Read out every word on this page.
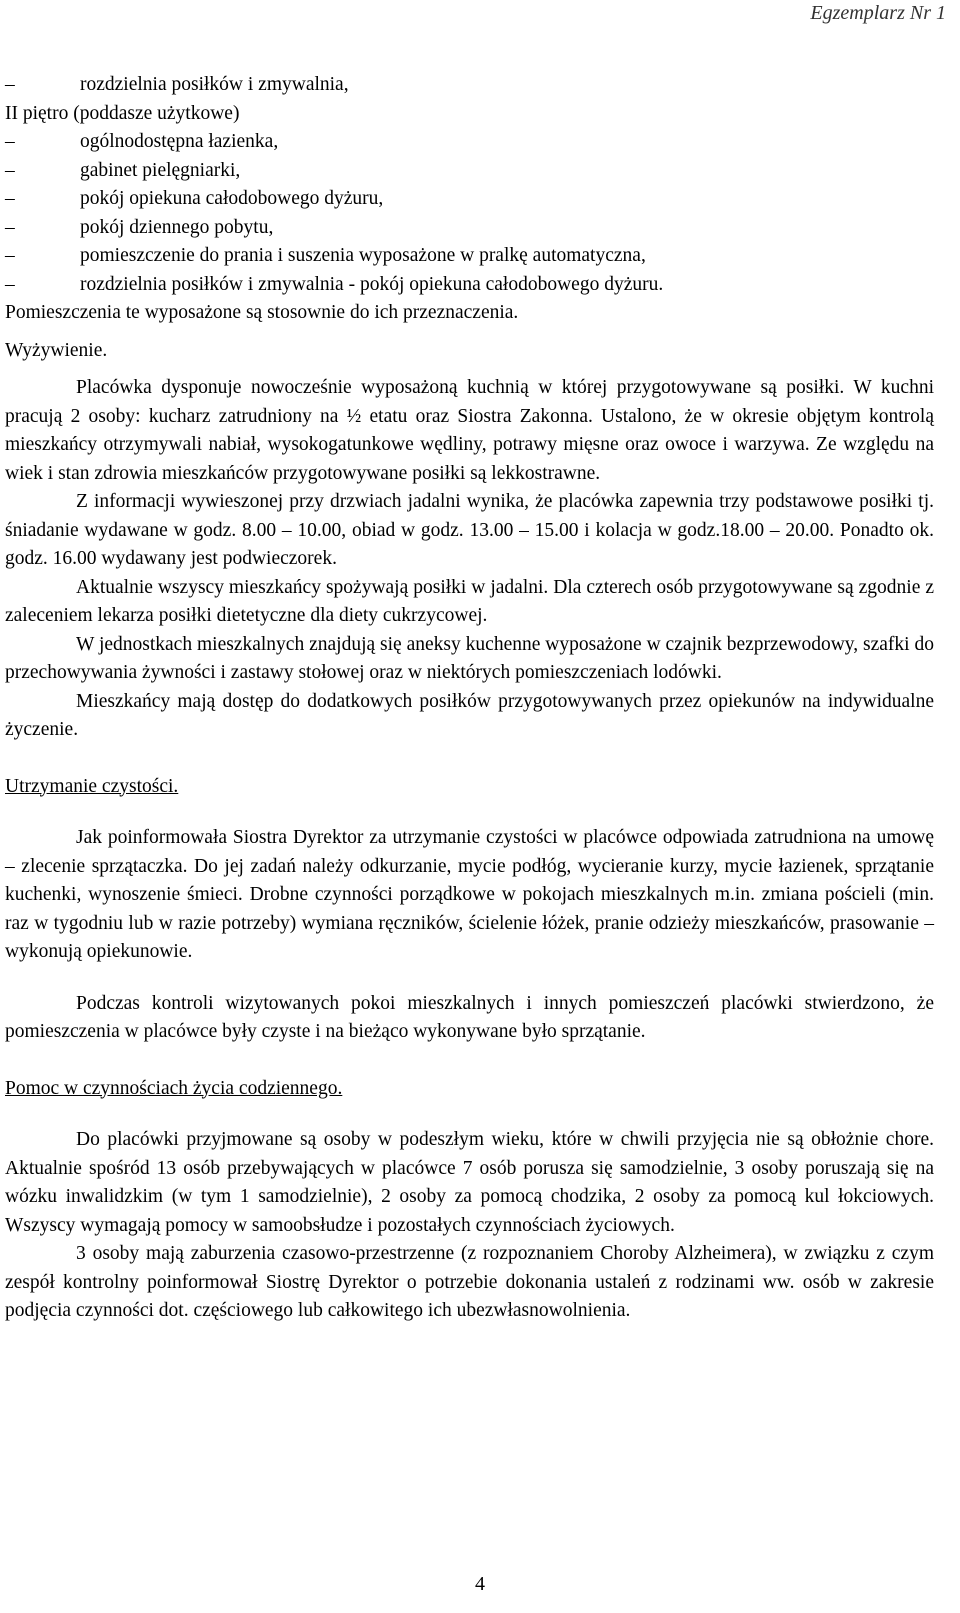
Egzemplarz Nr 1
–	rozdzielnia posiłków i zmywalnia,
II piętro (poddasze użytkowe)
–	ogólnodostępna łazienka,
–	gabinet pielęgniarki,
–	pokój opiekuna całodobowego dyżuru,
–	pokój dziennego pobytu,
–	pomieszczenie do prania i suszenia wyposażone w pralkę automatyczna,
–	rozdzielnia posiłków i zmywalnia - pokój opiekuna całodobowego dyżuru.

Pomieszczenia te wyposażone są stosownie do ich przeznaczenia.

Wyżywienie.

Placówka dysponuje nowocześnie wyposażoną kuchnią w której przygotowywane są posiłki. W kuchni pracują 2 osoby: kucharz zatrudniony na ½ etatu oraz Siostra Zakonna. Ustalono, że w okresie objętym kontrolą mieszkańcy otrzymywali nabiał, wysokogatunkowe wędliny, potrawy mięsne oraz owoce i warzywa. Ze względu na wiek i stan zdrowia mieszkańców przygotowywane posiłki są lekkostrawne.

Z informacji wywieszonej przy drzwiach jadalni wynika, że placówka zapewnia trzy podstawowe posiłki tj. śniadanie wydawane w godz. 8.00 – 10.00, obiad w godz. 13.00 – 15.00 i kolacja w godz.18.00 – 20.00. Ponadto ok. godz. 16.00 wydawany jest podwieczorek.

Aktualnie wszyscy mieszkańcy spożywają posiłki w jadalni. Dla czterech osób przygotowywane są zgodnie z zaleceniem lekarza posiłki dietetyczne dla diety cukrzycowej.

W jednostkach mieszkalnych znajdują się aneksy kuchenne wyposażone w czajnik bezprzewodowy, szafki do przechowywania żywności i zastawy stołowej oraz w niektórych pomieszczeniach lodówki.

Mieszkańcy mają dostęp do dodatkowych posiłków przygotowywanych przez opiekunów na indywidualne życzenie.

Utrzymanie czystości.

Jak poinformowała Siostra Dyrektor za utrzymanie czystości w placówce odpowiada zatrudniona na umowę – zlecenie sprzątaczka. Do jej zadań należy odkurzanie, mycie podłóg, wycieranie kurzy, mycie łazienek, sprzątanie kuchenki, wynoszenie śmieci. Drobne czynności porządkowe w pokojach mieszkalnych m.in. zmiana pościeli (min. raz w tygodniu lub w razie potrzeby) wymiana ręczników, ścielenie łóżek, pranie odzieży mieszkańców, prasowanie – wykonują opiekunowie.

Podczas kontroli wizytowanych pokoi mieszkalnych i innych pomieszczeń placówki stwierdzono, że pomieszczenia w placówce były czyste i na bieżąco wykonywane było sprzątanie.

Pomoc w czynnościach życia codziennego.

Do placówki przyjmowane są osoby w podeszłym wieku, które w chwili przyjęcia nie są obłożnie chore. Aktualnie spośród 13 osób przebywających w placówce 7 osób porusza się samodzielnie, 3 osoby poruszają się na wózku inwalidzkim (w tym 1 samodzielnie), 2 osoby za pomocą chodzika, 2 osoby za pomocą kul łokciowych. Wszyscy wymagają pomocy w samoobsłudze i pozostałych czynnościach życiowych.

3 osoby mają zaburzenia czasowo-przestrzenne (z rozpoznaniem Choroby Alzheimera), w związku z czym zespół kontrolny poinformował Siostrę Dyrektor o potrzebie dokonania ustaleń z rodzinami ww. osób w zakresie podjęcia czynności dot. częściowego lub całkowitego ich ubezwłasnowolnienia.

4
